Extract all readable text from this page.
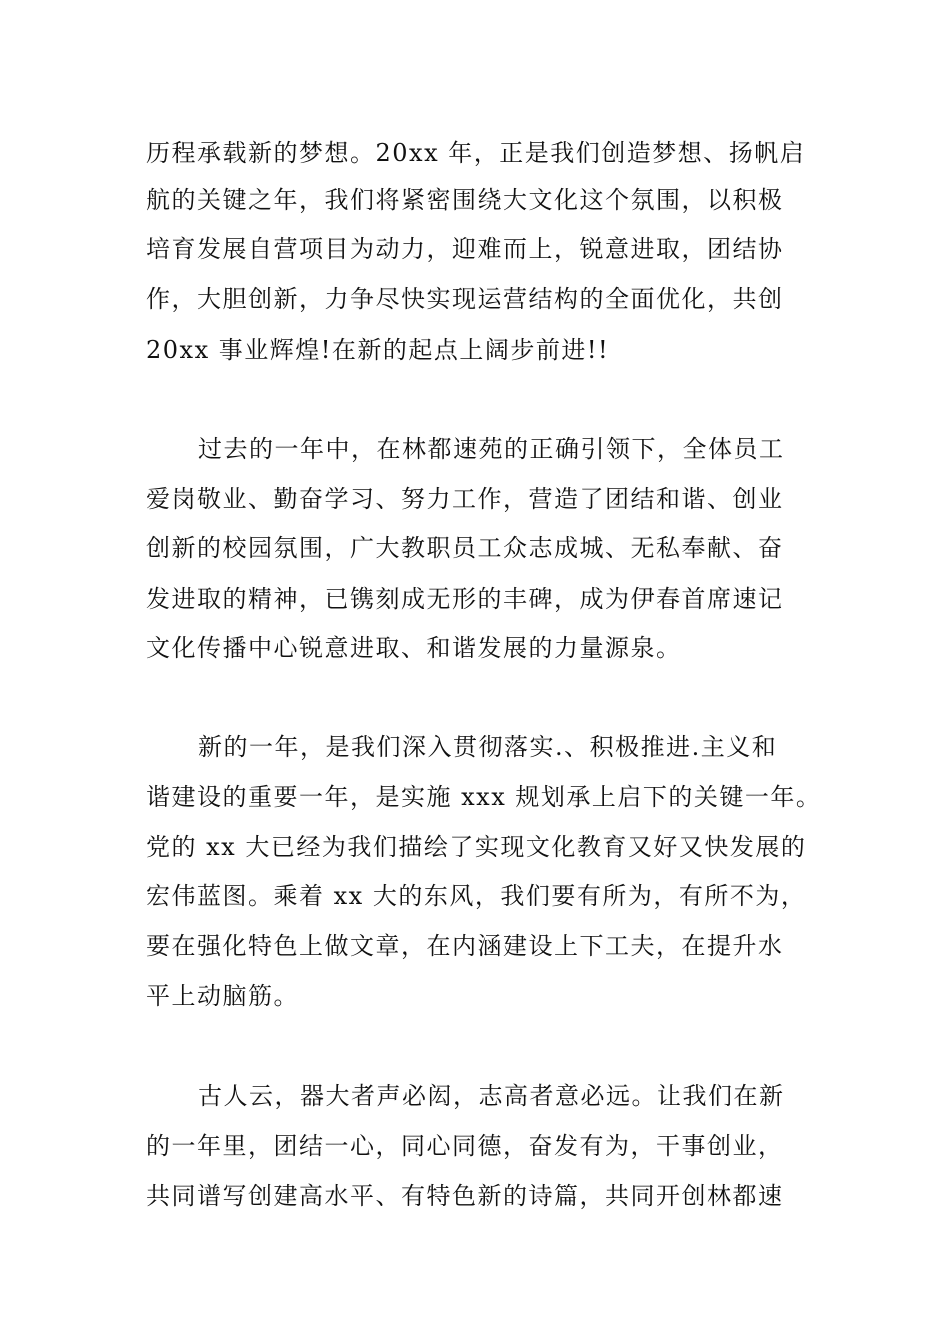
历程承载新的梦想。20xx 年，正是我们创造梦想、扬帆启
航的关键之年，我们将紧密围绕大文化这个氛围，以积极
培育发展自营项目为动力，迎难而上，锐意进取，团结协
作，大胆创新，力争尽快实现运营结构的全面优化，共创
20xx 事业辉煌!在新的起点上阔步前进!!
过去的一年中，在林都速苑的正确引领下，全体员工
爱岗敬业、勤奋学习、努力工作，营造了团结和谐、创业
创新的校园氛围，广大教职员工众志成城、无私奉献、奋
发进取的精神，已镌刻成无形的丰碑，成为伊春首席速记
文化传播中心锐意进取、和谐发展的力量源泉。
新的一年，是我们深入贯彻落实.、积极推进.主义和
谐建设的重要一年，是实施 xxx 规划承上启下的关键一年。
党的 xx 大已经为我们描绘了实现文化教育又好又快发展的
宏伟蓝图。乘着 xx 大的东风，我们要有所为，有所不为，
要在强化特色上做文章，在内涵建设上下工夫，在提升水
平上动脑筋。
古人云，器大者声必闳，志高者意必远。让我们在新
的一年里，团结一心，同心同德，奋发有为，干事创业，
共同谱写创建高水平、有特色新的诗篇，共同开创林都速
